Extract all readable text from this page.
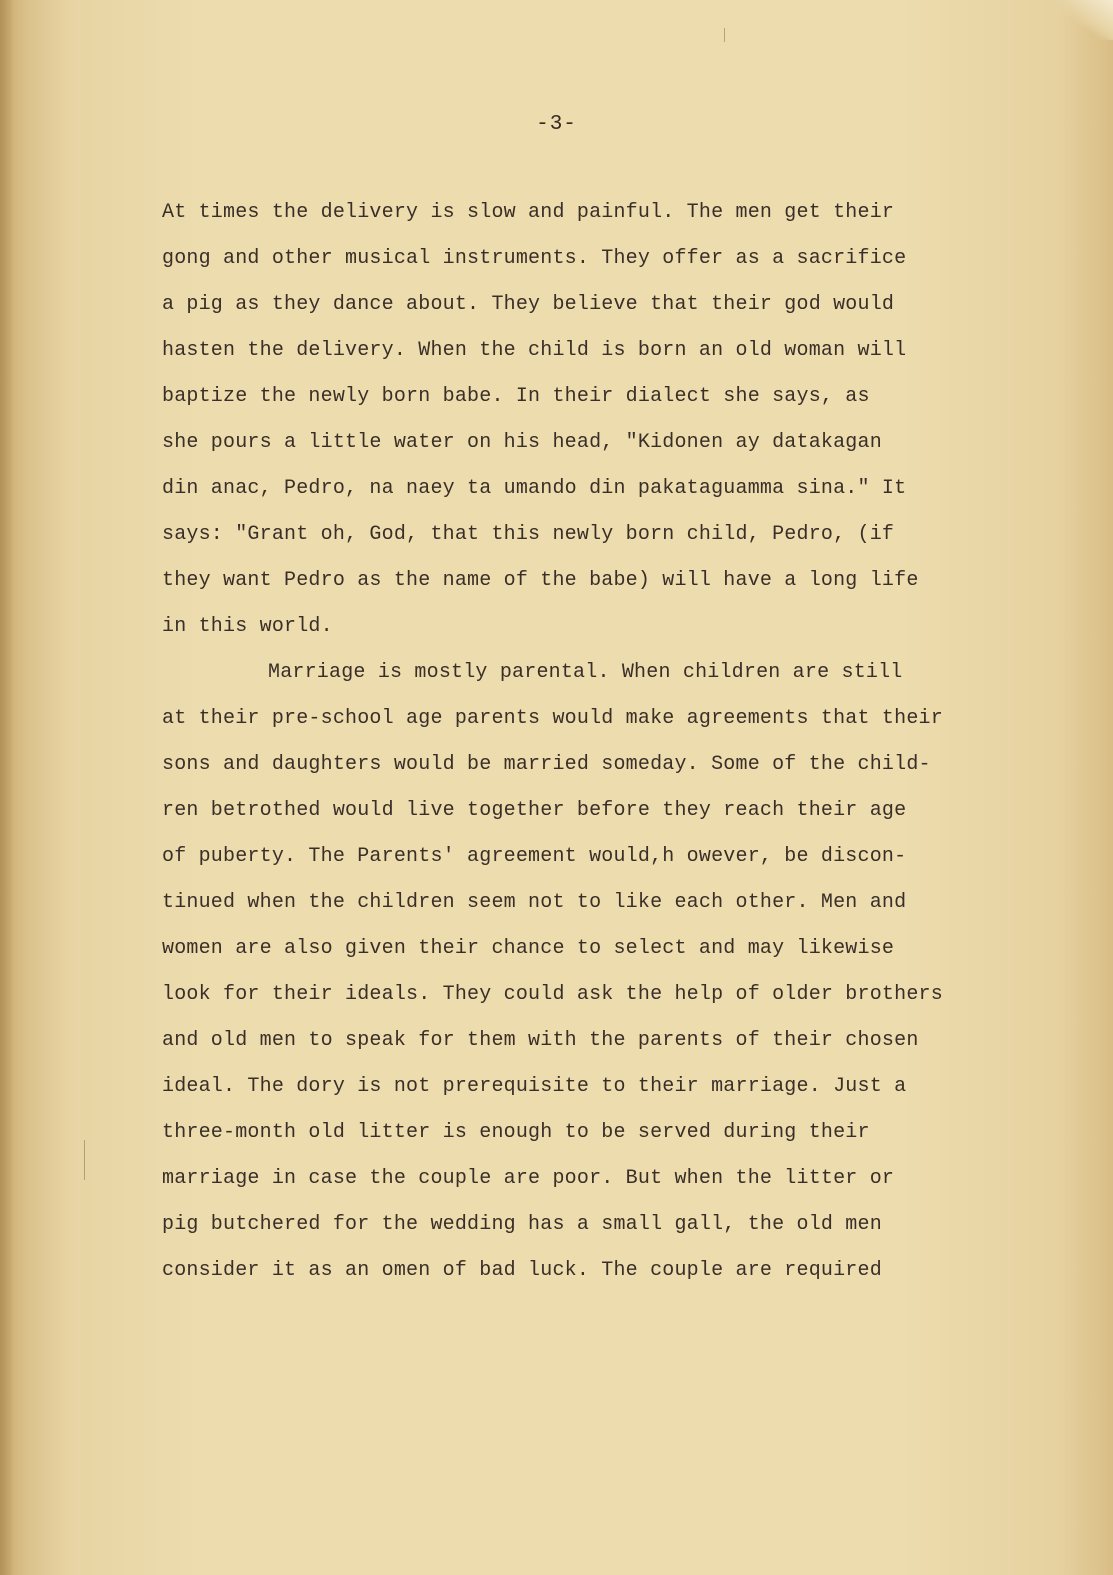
-3-
At times the delivery is slow and painful. The men get their
gong and other musical instruments. They offer as a sacrifice
a pig as they dance about. They believe that their god would
hasten the delivery. When the child is born an old woman will
baptize the newly born babe. In their dialect she says, as
she pours a little water on his head, "Kidonen ay datakagan
din anac, Pedro, na naey ta umando din pakataguamma sina." It
says: "Grant oh, God, that this newly born child, Pedro, (if
they want Pedro as the name of the babe) will have a long life
in this world.
Marriage is mostly parental. When children are still
at their pre-school age parents would make agreements that their
sons and daughters would be married someday. Some of the child-
ren betrothed would live together before they reach their age
of puberty. The Parents' agreement would,h owever, be discon-
tinued when the children seem not to like each other. Men and
women are also given their chance to select and may likewise
look for their ideals. They could ask the help of older brothers
and old men to speak for them with the parents of their chosen
ideal. The dory is not prerequisite to their marriage. Just a
three-month old litter is enough to be served during their
marriage in case the couple are poor. But when the litter or
pig butchered for the wedding has a small gall, the old men
consider it as an omen of bad luck. The couple are required
